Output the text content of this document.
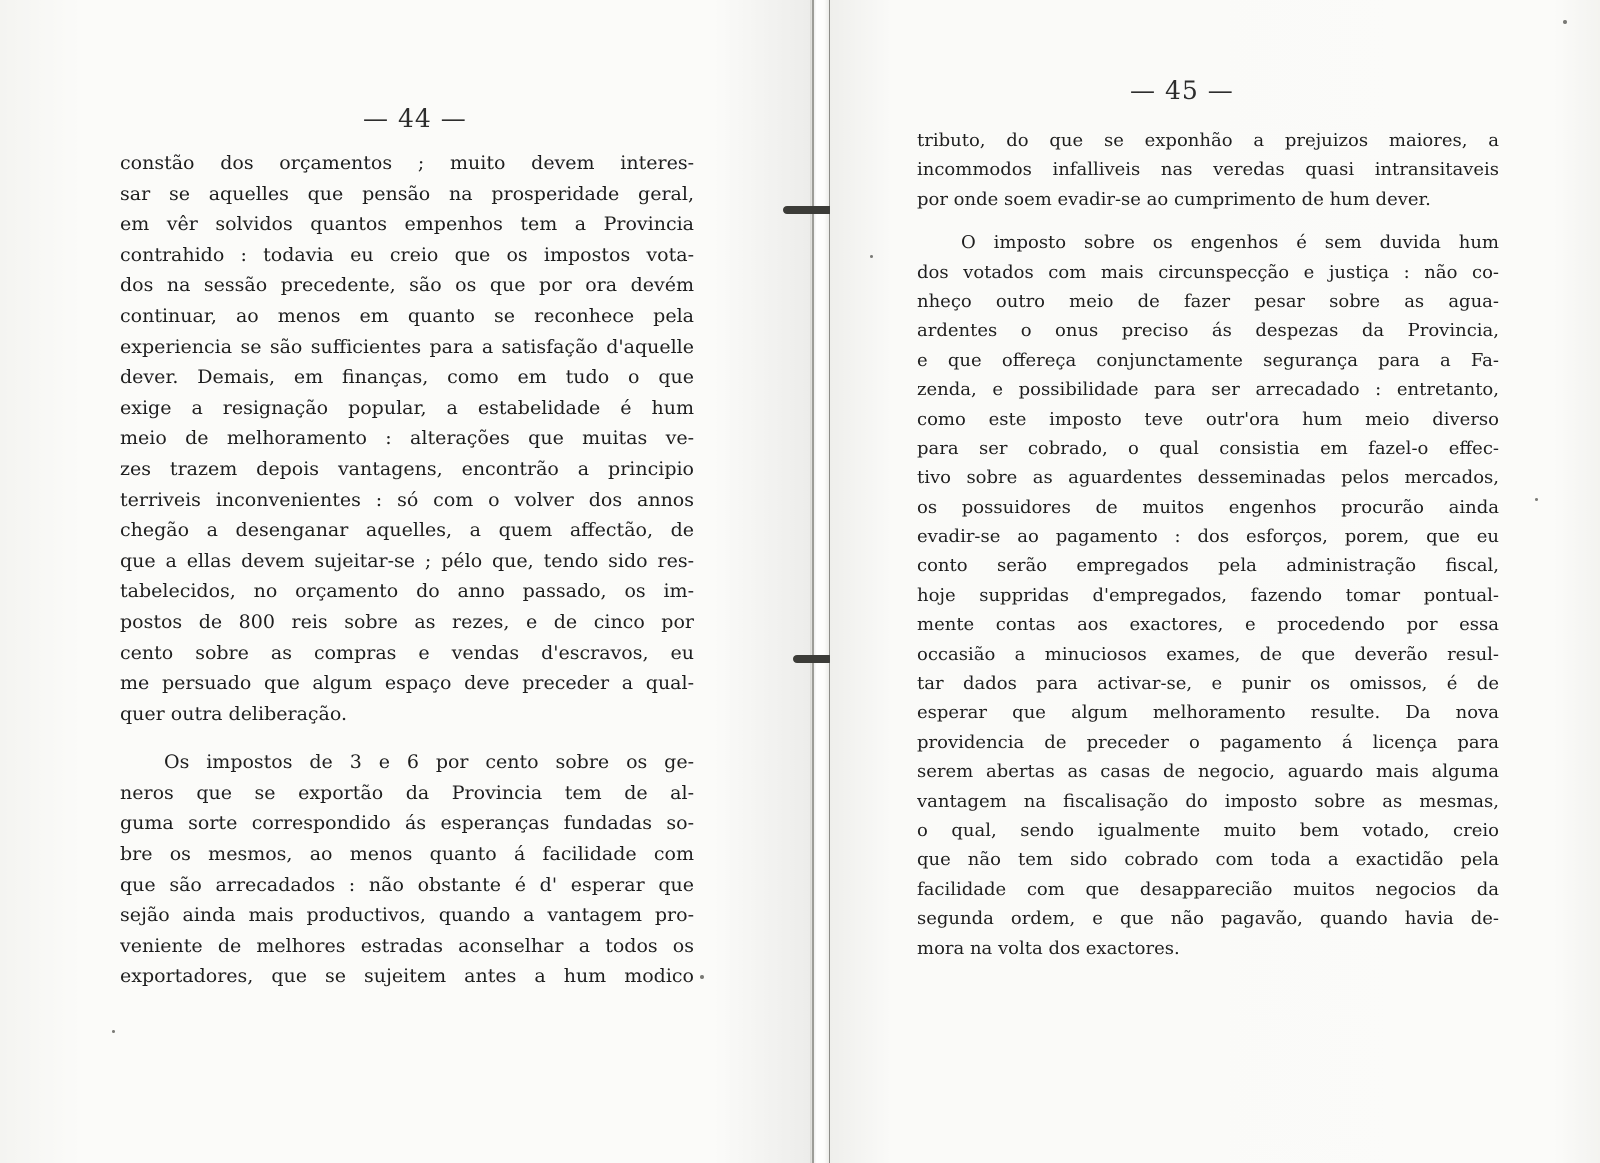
— 44 —
constão dos orçamentos ; muito devem interes-
sar se aquelles que pensão na prosperidade geral,
em vêr solvidos quantos empenhos tem a Provincia
contrahido : todavia eu creio que os impostos vota-
dos na sessão precedente, são os que por ora devém
continuar, ao menos em quanto se reconhece pela
experiencia se são sufficientes para a satisfação d'aquelle
dever. Demais, em finanças, como em tudo o que
exige a resignação popular, a estabelidade é hum
meio de melhoramento : alterações que muitas ve-
zes trazem depois vantagens, encontrão a principio
terriveis inconvenientes : só com o volver dos annos
chegão a desenganar aquelles, a quem affectão, de
que a ellas devem sujeitar-se ; pélo que, tendo sido res-
tabelecidos, no orçamento do anno passado, os im-
postos de 800 reis sobre as rezes, e de cinco por
cento sobre as compras e vendas d'escravos, eu
me persuado que algum espaço deve preceder a qual-
quer outra deliberação.
Os impostos de 3 e 6 por cento sobre os ge-
neros que se exportão da Provincia tem de al-
guma sorte correspondido ás esperanças fundadas so-
bre os mesmos, ao menos quanto á facilidade com
que são arrecadados : não obstante é d' esperar que
sejão ainda mais productivos, quando a vantagem pro-
veniente de melhores estradas aconselhar a todos os
exportadores, que se sujeitem antes a hum modico
— 45 —
tributo, do que se exponhão a prejuizos maiores, a
incommodos infalliveis nas veredas quasi intransitaveis
por onde soem evadir-se ao cumprimento de hum dever.
O imposto sobre os engenhos é sem duvida hum
dos votados com mais circunspecção e justiça : não co-
nheço outro meio de fazer pesar sobre as agua-
ardentes o onus preciso ás despezas da Provincia,
e que offereça conjunctamente segurança para a Fa-
zenda, e possibilidade para ser arrecadado : entretanto,
como este imposto teve outr'ora hum meio diverso
para ser cobrado, o qual consistia em fazel-o effec-
tivo sobre as aguardentes desseminadas pelos mercados,
os possuidores de muitos engenhos procurão ainda
evadir-se ao pagamento : dos esforços, porem, que eu
conto serão empregados pela administração fiscal,
hoje suppridas d'empregados, fazendo tomar pontual-
mente contas aos exactores, e procedendo por essa
occasião a minuciosos exames, de que deverão resul-
tar dados para activar-se, e punir os omissos, é de
esperar que algum melhoramento resulte. Da nova
providencia de preceder o pagamento á licença para
serem abertas as casas de negocio, aguardo mais alguma
vantagem na fiscalisação do imposto sobre as mesmas,
o qual, sendo igualmente muito bem votado, creio
que não tem sido cobrado com toda a exactidão pela
facilidade com que desapparecião muitos negocios da
segunda ordem, e que não pagavão, quando havia de-
mora na volta dos exactores.
